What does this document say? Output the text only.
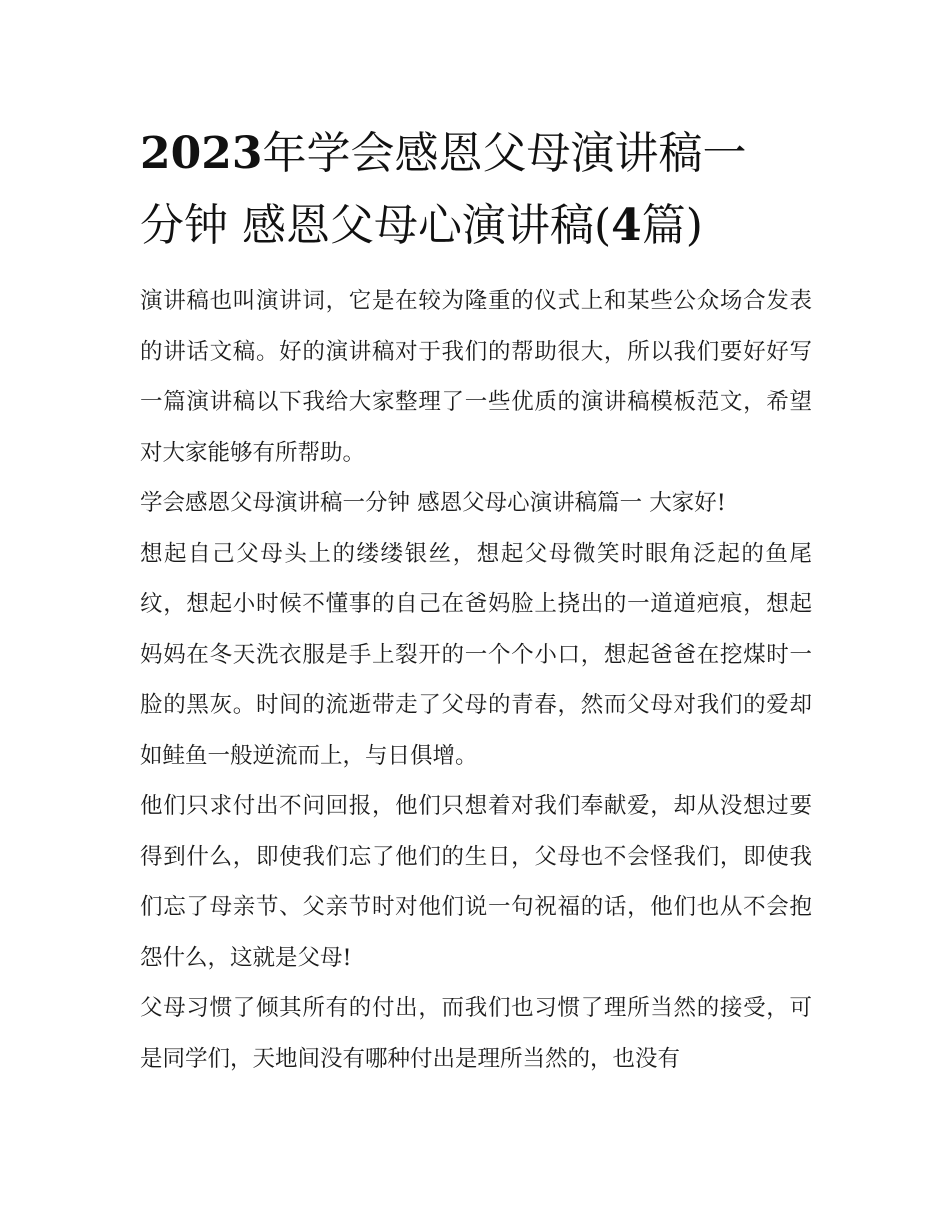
2023年学会感恩父母演讲稿一
分钟 感恩父母心演讲稿(4篇)

演讲稿也叫演讲词，它是在较为隆重的仪式上和某些公众场合发表的讲话文稿。好的演讲稿对于我们的帮助很大，所以我们要好好写一篇演讲稿以下我给大家整理了一些优质的演讲稿模板范文，希望对大家能够有所帮助。

学会感恩父母演讲稿一分钟 感恩父母心演讲稿篇一 大家好!

想起自己父母头上的缕缕银丝，想起父母微笑时眼角泛起的鱼尾纹，想起小时候不懂事的自己在爸妈脸上挠出的一道道疤痕，想起妈妈在冬天洗衣服是手上裂开的一个个小口，想起爸爸在挖煤时一脸的黑灰。时间的流逝带走了父母的青春，然而父母对我们的爱却如鲑鱼一般逆流而上，与日俱增。

他们只求付出不问回报，他们只想着对我们奉献爱，却从没想过要得到什么，即使我们忘了他们的生日，父母也不会怪我们，即使我们忘了母亲节、父亲节时对他们说一句祝福的话，他们也从不会抱怨什么，这就是父母!

父母习惯了倾其所有的付出，而我们也习惯了理所当然的接受，可是同学们，天地间没有哪种付出是理所当然的，也没有
